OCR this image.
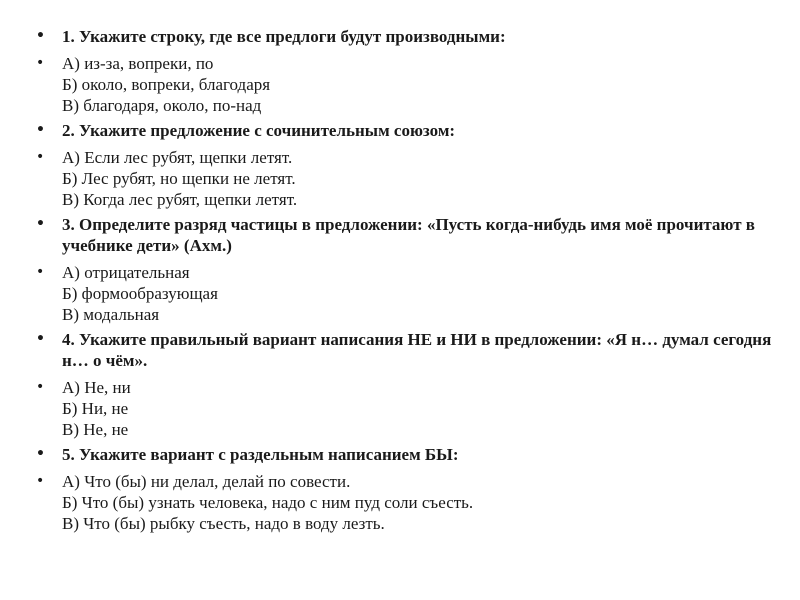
• 1. Укажите строку, где все предлоги будут производными:
• А) из-за, вопреки, по
Б) около, вопреки, благодаря
В) благодаря, около, по-над
• 2. Укажите предложение с сочинительным союзом:
• А) Если лес рубят, щепки летят.
Б) Лес рубят, но щепки не летят.
В) Когда лес рубят, щепки летят.
• 3. Определите разряд частицы в предложении: «Пусть когда-нибудь имя моё прочитают в учебнике дети» (Ахм.)
• А) отрицательная
Б) формообразующая
В) модальная
• 4. Укажите правильный вариант написания НЕ и НИ в предложении: «Я н… думал сегодня н… о чём».
• А) Не, ни
Б) Ни, не
В) Не, не
• 5. Укажите вариант с раздельным написанием БЫ:
• А) Что (бы) ни делал, делай по совести.
Б) Что (бы) узнать человека, надо с ним пуд соли съесть.
В) Что (бы) рыбку съесть, надо в воду лезть.
